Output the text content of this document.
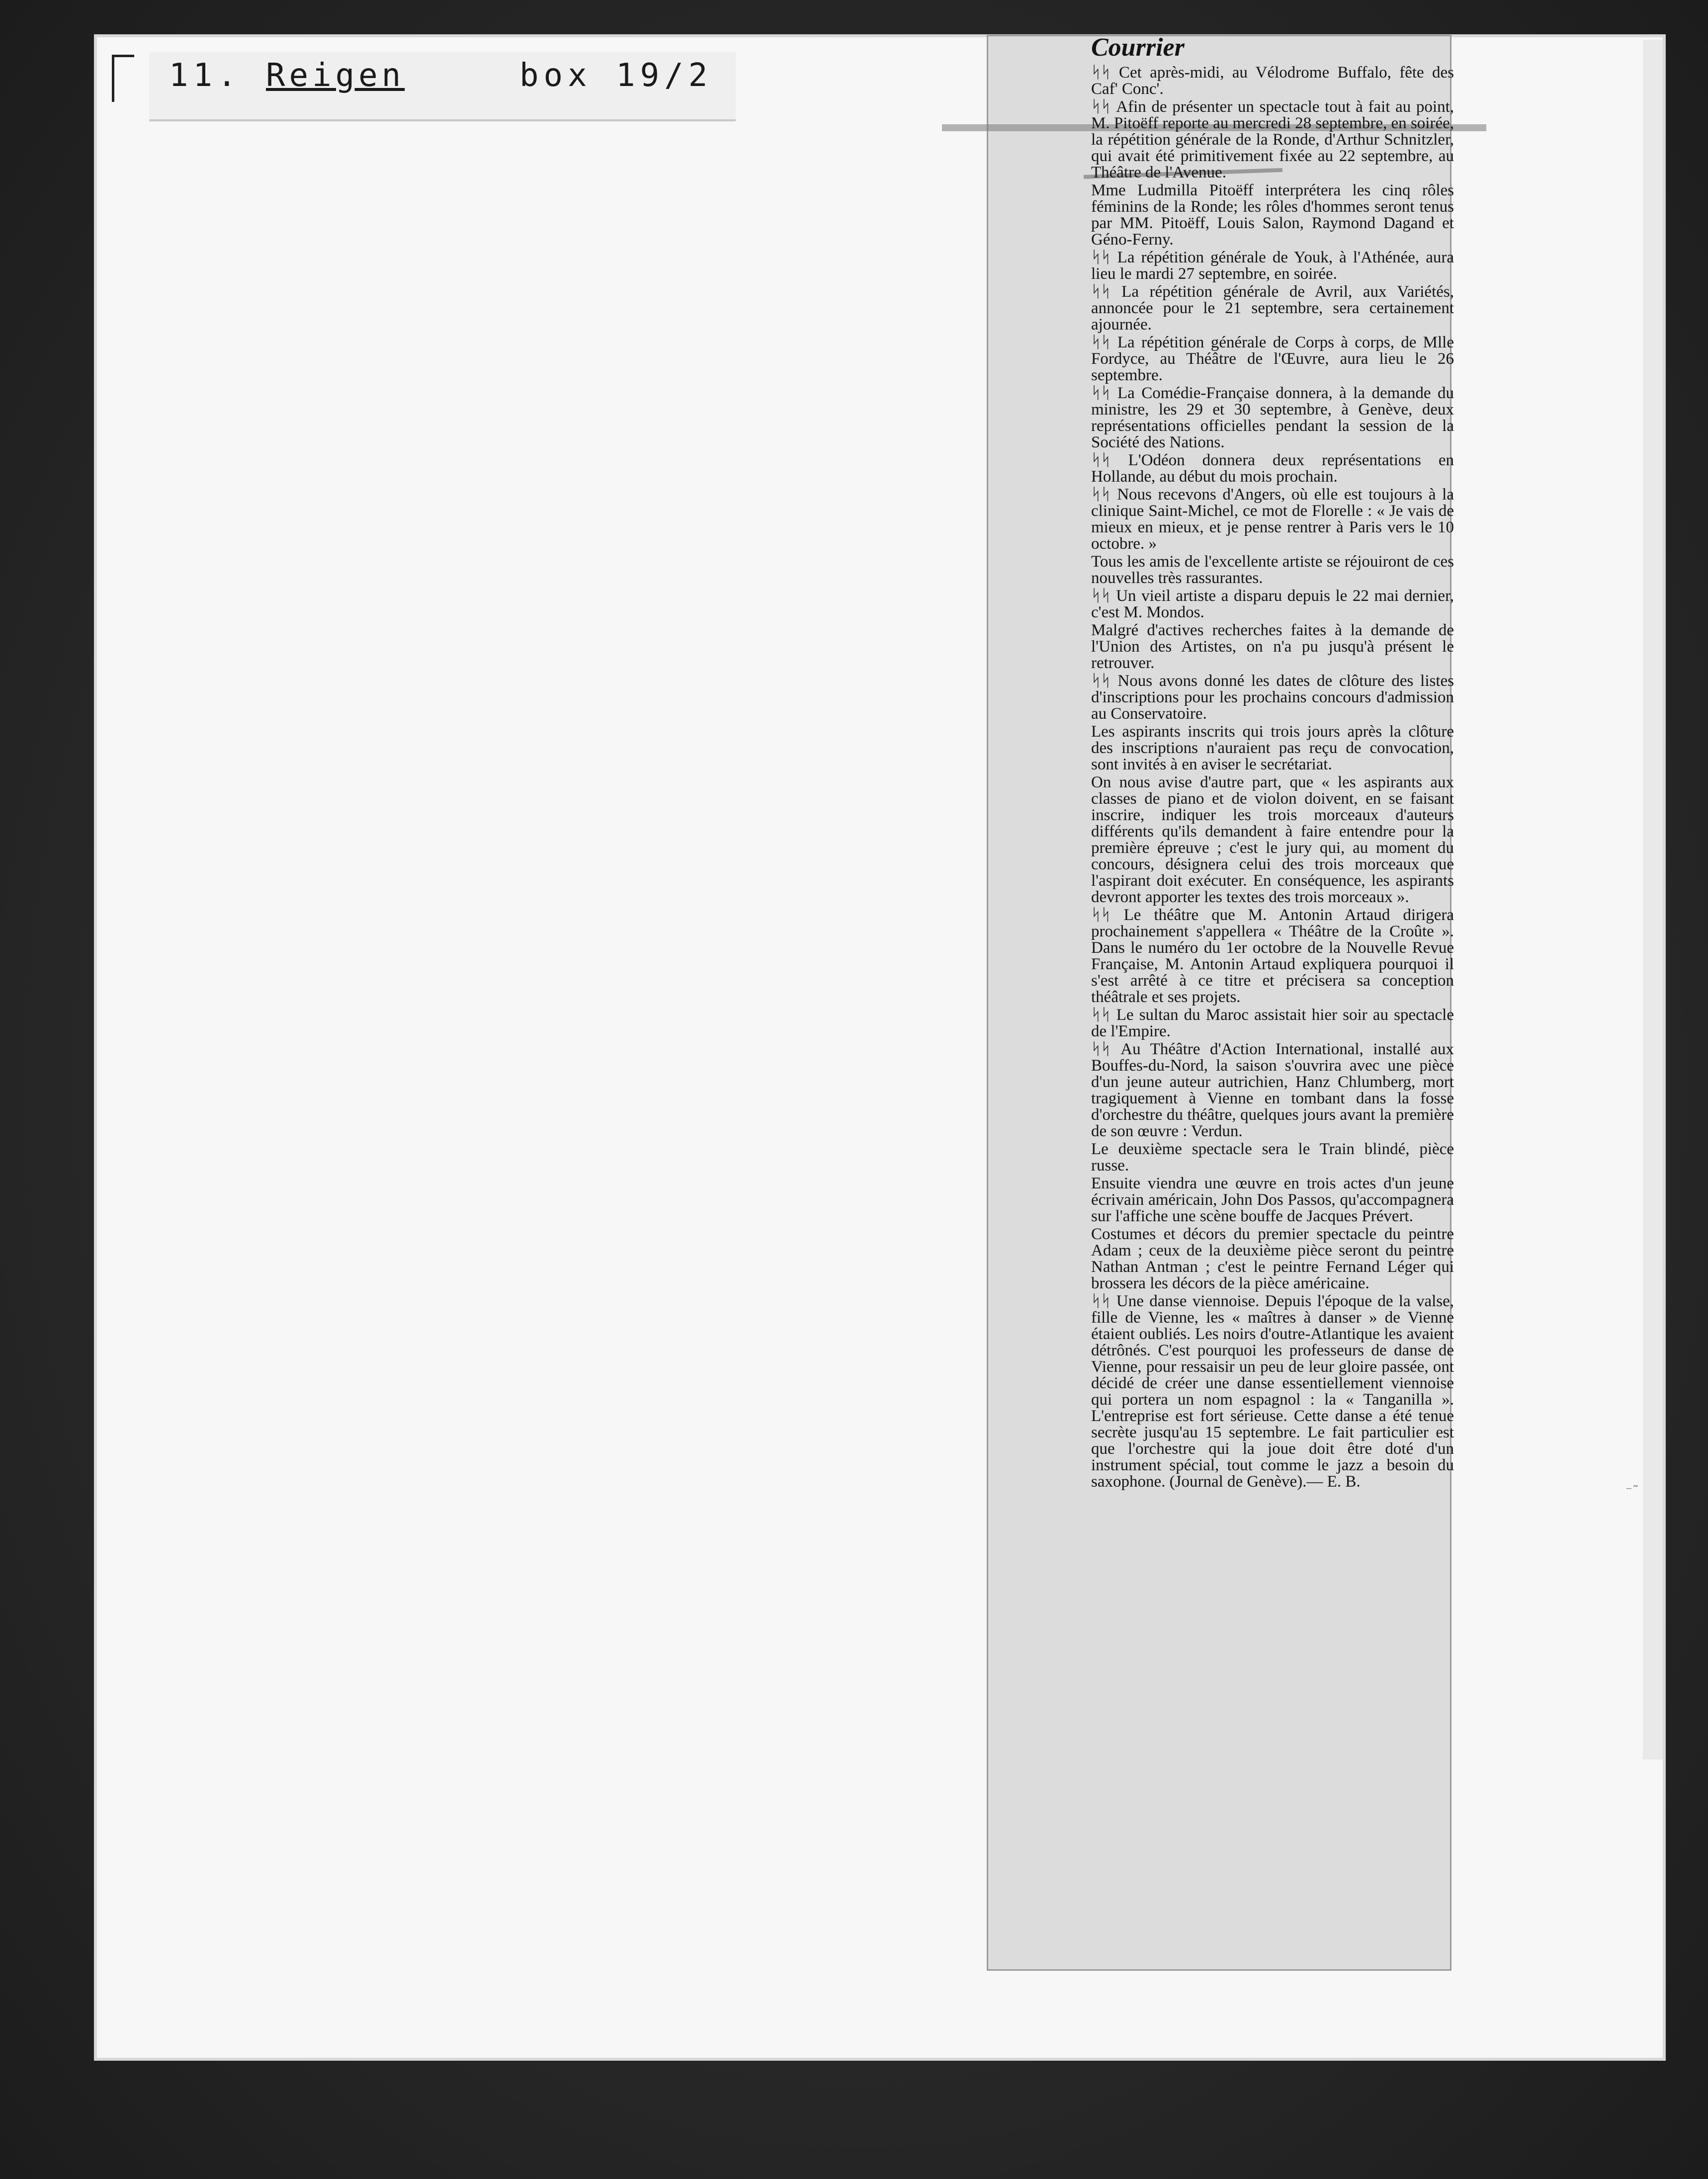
11. Reigen	box 19/2
Courrier

ᛋᛋ Cet après-midi, au Vélodrome Buffalo, fête des Caf' Conc'.

ᛋᛋ Afin de présenter un spectacle tout à fait au point, M. Pitoëff reporte au mercredi 28 septembre, en soirée, la répétition générale de la Ronde, d'Arthur Schnitzler, qui avait été primitivement fixée au 22 septembre, au Théâtre de l'Avenue.

Mme Ludmilla Pitoëff interprétera les cinq rôles féminins de la Ronde; les rôles d'hommes seront tenus par MM. Pitoëff, Louis Salon, Raymond Dagand et Géno-Ferny.

ᛋᛋ La répétition générale de Youk, à l'Athénée, aura lieu le mardi 27 septembre, en soirée.

ᛋᛋ La répétition générale de Avril, aux Variétés, annoncée pour le 21 septembre, sera certainement ajournée.

ᛋᛋ La répétition générale de Corps à corps, de Mlle Fordyce, au Théâtre de l'Œuvre, aura lieu le 26 septembre.

ᛋᛋ La Comédie-Française donnera, à la demande du ministre, les 29 et 30 septembre, à Genève, deux représentations officielles pendant la session de la Société des Nations.

ᛋᛋ L'Odéon donnera deux représentations en Hollande, au début du mois prochain.

ᛋᛋ Nous recevons d'Angers, où elle est toujours à la clinique Saint-Michel, ce mot de Florelle : « Je vais de mieux en mieux, et je pense rentrer à Paris vers le 10 octobre. »

Tous les amis de l'excellente artiste se réjouiront de ces nouvelles très rassurantes.

ᛋᛋ Un vieil artiste a disparu depuis le 22 mai dernier, c'est M. Mondos.

Malgré d'actives recherches faites à la demande de l'Union des Artistes, on n'a pu jusqu'à présent le retrouver.

ᛋᛋ Nous avons donné les dates de clôture des listes d'inscriptions pour les prochains concours d'admission au Conservatoire.

Les aspirants inscrits qui trois jours après la clôture des inscriptions n'auraient pas reçu de convocation, sont invités à en aviser le secrétariat.

On nous avise d'autre part, que « les aspirants aux classes de piano et de violon doivent, en se faisant inscrire, indiquer les trois morceaux d'auteurs différents qu'ils demandent à faire entendre pour la première épreuve ; c'est le jury qui, au moment du concours, désignera celui des trois morceaux que l'aspirant doit exécuter. En conséquence, les aspirants devront apporter les textes des trois morceaux ».

ᛋᛋ Le théâtre que M. Antonin Artaud dirigera prochainement s'appellera « Théâtre de la Croûte ». Dans le numéro du 1er octobre de la Nouvelle Revue Française, M. Antonin Artaud expliquera pourquoi il s'est arrêté à ce titre et précisera sa conception théâtrale et ses projets.

ᛋᛋ Le sultan du Maroc assistait hier soir au spectacle de l'Empire.

ᛋᛋ Au Théâtre d'Action International, installé aux Bouffes-du-Nord, la saison s'ouvrira avec une pièce d'un jeune auteur autrichien, Hanz Chlumberg, mort tragiquement à Vienne en tombant dans la fosse d'orchestre du théâtre, quelques jours avant la première de son œuvre : Verdun.

Le deuxième spectacle sera le Train blindé, pièce russe.

Ensuite viendra une œuvre en trois actes d'un jeune écrivain américain, John Dos Passos, qu'accompagnera sur l'affiche une scène bouffe de Jacques Prévert.

Costumes et décors du premier spectacle du peintre Adam ; ceux de la deuxième pièce seront du peintre Nathan Antman ; c'est le peintre Fernand Léger qui brossera les décors de la pièce américaine.

ᛋᛋ Une danse viennoise. Depuis l'époque de la valse, fille de Vienne, les « maîtres à danser » de Vienne étaient oubliés. Les noirs d'outre-Atlantique les avaient détrônés. C'est pourquoi les professeurs de danse de Vienne, pour ressaisir un peu de leur gloire passée, ont décidé de créer une danse essentiellement viennoise qui portera un nom espagnol : la « Tanganilla ». L'entreprise est fort sérieuse. Cette danse a été tenue secrète jusqu'au 15 septembre. Le fait particulier est que l'orchestre qui la joue doit être doté d'un instrument spécial, tout comme le jazz a besoin du saxophone. (Journal de Genève).— E. B.

⁻˜
